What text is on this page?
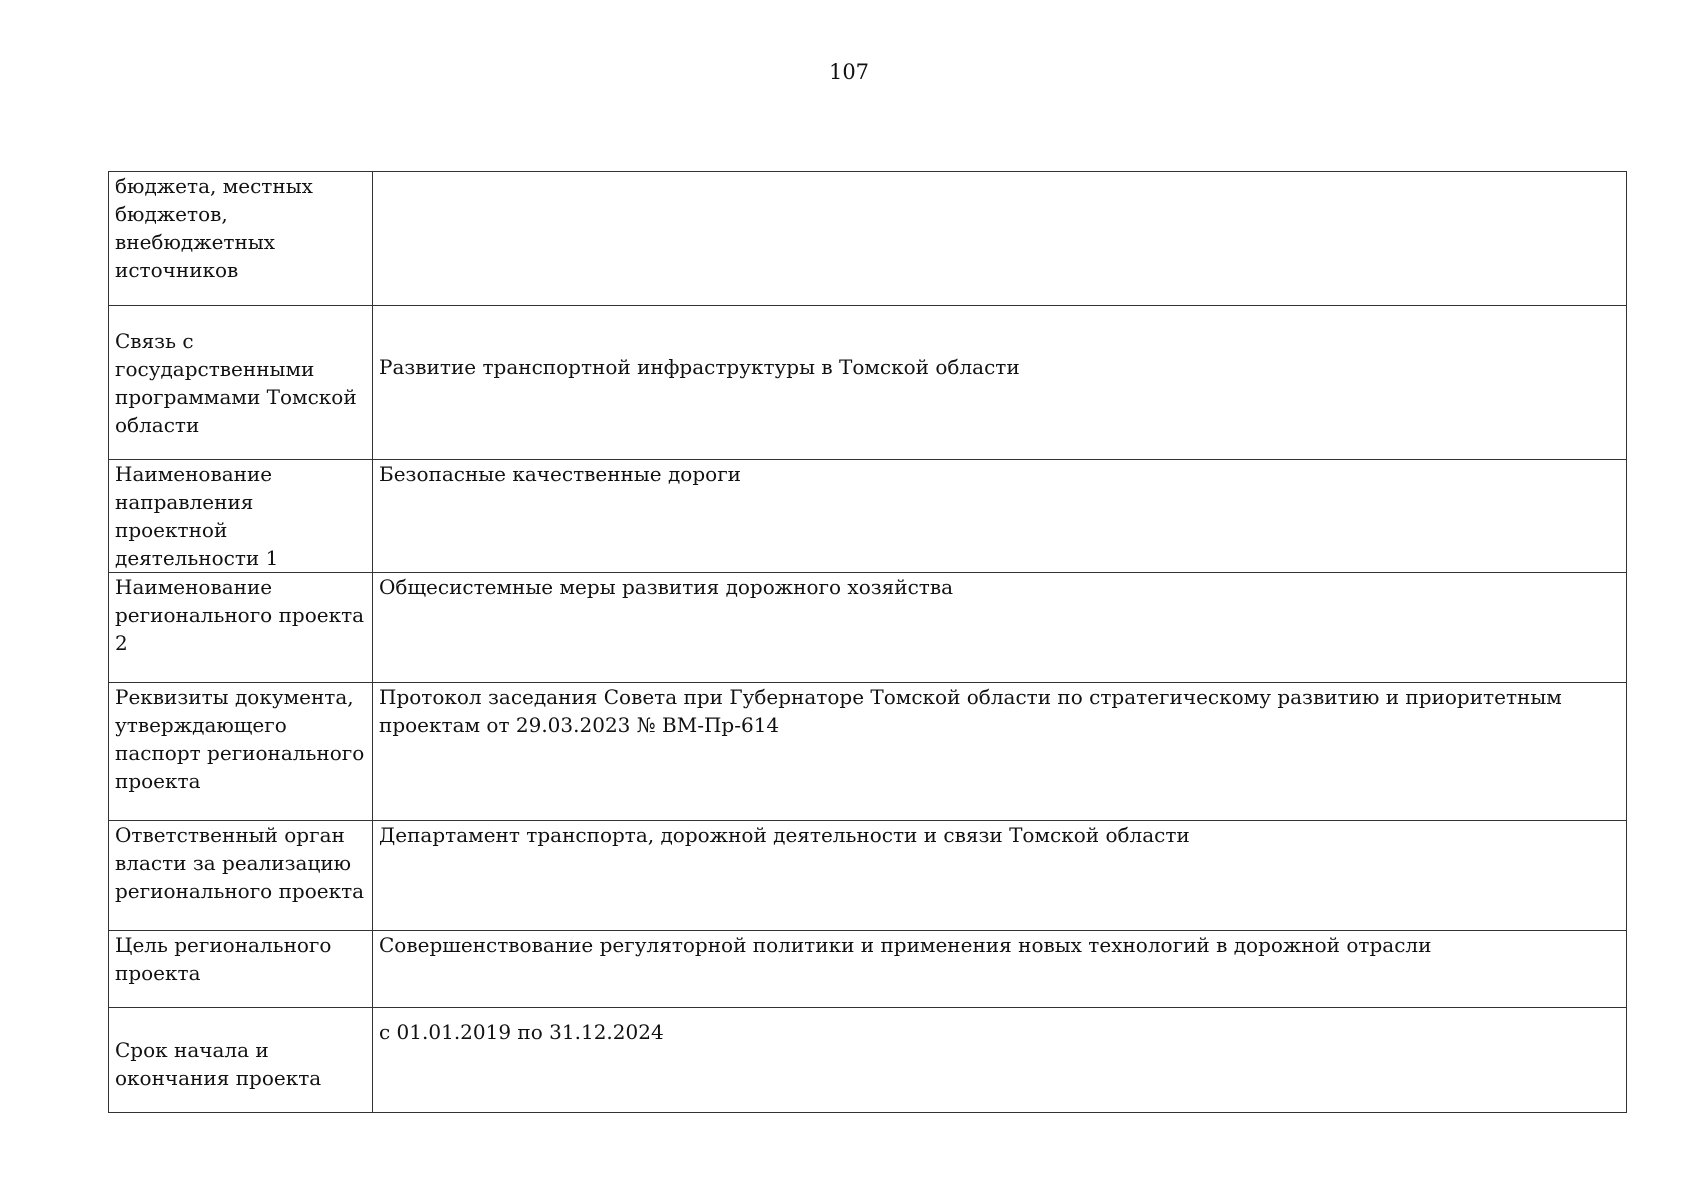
107
бюджета, местных бюджетов, внебюджетных источников	
Связь с государственными программами Томской области	Развитие транспортной инфраструктуры в Томской области
Наименование направления проектной деятельности 1	Безопасные качественные дороги
Наименование регионального проекта 2	Общесистемные меры развития дорожного хозяйства
Реквизиты документа, утверждающего паспорт регионального проекта	Протокол заседания Совета при Губернаторе Томской области по стратегическому развитию и приоритетным проектам от 29.03.2023 № ВМ-Пр-614
Ответственный орган власти за реализацию регионального проекта	Департамент транспорта, дорожной деятельности и связи Томской области
Цель регионального проекта	Совершенствование регуляторной политики и применения новых технологий в дорожной отрасли
Срок начала и окончания проекта	с 01.01.2019 по 31.12.2024
